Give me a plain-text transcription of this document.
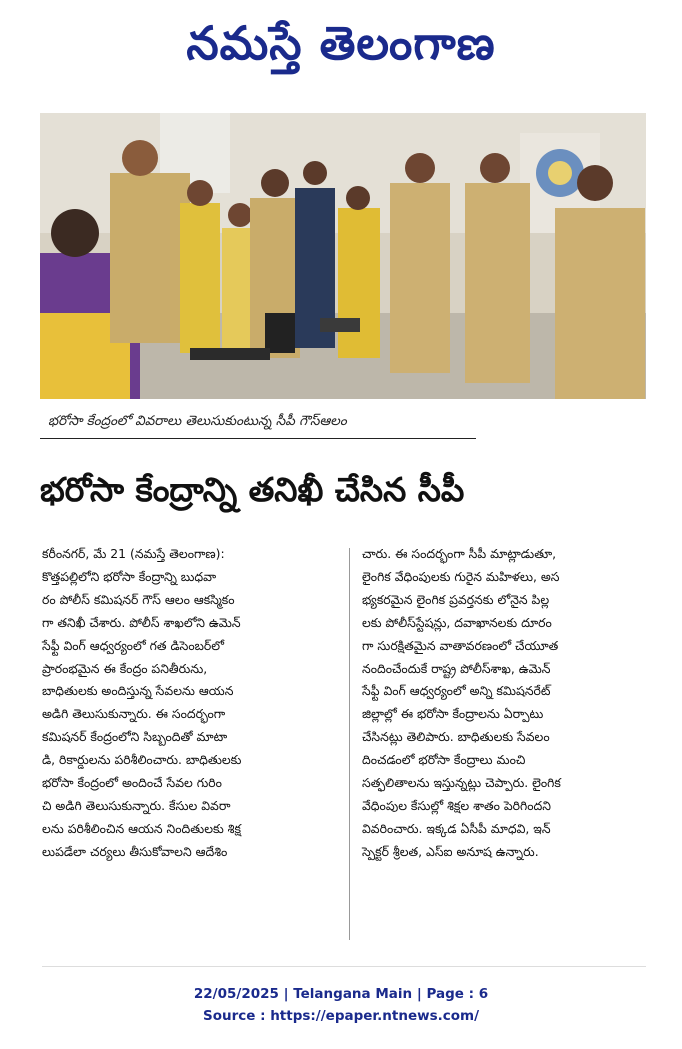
నమస్తే తెలంగాణ
భరోసా కేంద్రంలో వివరాలు తెలుసుకుంటున్న సీపీ గౌస్‌ఆలం
భరోసా కేంద్రాన్ని తనిఖీ చేసిన సీపీ

కరీంనగర్, మే 21 (నమస్తే తెలంగాణ):

కొత్తపల్లిలోని భరోసా కేంద్రాన్ని బుధవా

రం పోలీస్ కమిషనర్ గౌస్ ఆలం ఆకస్మికం

గా తనిఖీ చేశారు. పోలీస్ శాఖలోని ఉమెన్

సేఫ్టీ వింగ్ ఆధ్వర్యంలో గత డిసెంబర్‌లో

ప్రారంభమైన ఈ కేంద్రం పనితీరును,

బాధితులకు అందిస్తున్న సేవలను ఆయన

అడిగి తెలుసుకున్నారు. ఈ సందర్భంగా

కమిషనర్ కేంద్రంలోని సిబ్బందితో మాటా

డి, రికార్డులను పరిశీలించారు. బాధితులకు

భరోసా కేంద్రంలో అందించే సేవల గురిం

చి అడిగి తెలుసుకున్నారు. కేసుల వివరా

లను పరిశీలించిన ఆయన నిందితులకు శిక్ష

లుపడేలా చర్యలు తీసుకోవాలని ఆదేశిం

చారు. ఈ సందర్భంగా సీపీ మాట్లాడుతూ,

లైంగిక వేధింపులకు గురైన మహిళలు, అస

భ్యకరమైన లైంగిక ప్రవర్తనకు లోనైన పిల్ల

లకు పోలీస్‌స్టేషన్లు, దవాఖానలకు దూరం

గా సురక్షితమైన వాతావరణంలో చేయూత

నందించేందుకే రాష్ట్ర పోలీస్‌శాఖ, ఉమెన్

సేఫ్టీ వింగ్ ఆధ్వర్యంలో అన్ని కమిషనరేట్

జిల్లాల్లో ఈ భరోసా కేంద్రాలను ఏర్పాటు

చేసినట్లు తెలిపారు. బాధితులకు సేవలం

దించడంలో భరోసా కేంద్రాలు మంచి

సత్ఫలితాలను ఇస్తున్నట్లు చెప్పారు. లైంగిక

వేధింపుల కేసుల్లో శిక్షల శాతం పెరిగిందని

వివరించారు. ఇక్కడ ఏసీపీ మాధవి, ఇన్

స్పెక్టర్ శ్రీలత, ఎస్ఐ అనూష ఉన్నారు.

22/05/2025 | Telangana Main | Page : 6

Source : https://epaper.ntnews.com/
